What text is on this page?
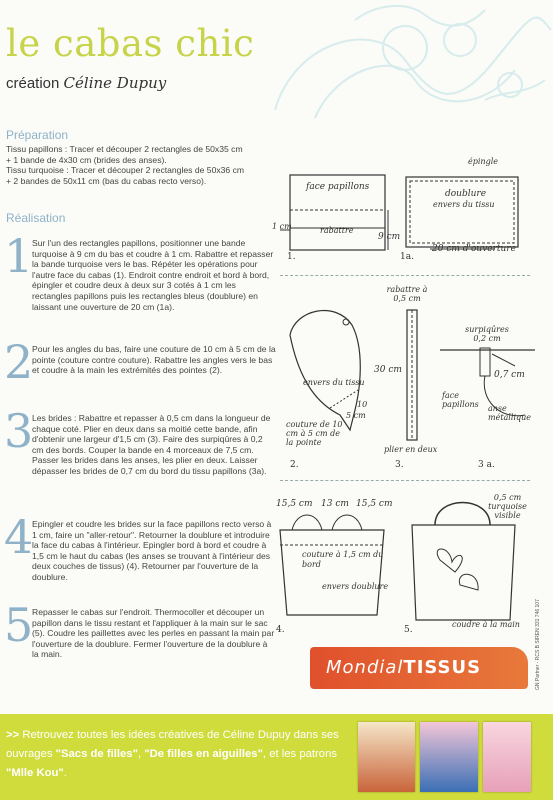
le cabas chic
création Céline Dupuy
Préparation
Tissu papillons : Tracer et découper 2 rectangles de 50x35 cm
+ 1 bande de 4x30 cm (brides des anses).
Tissu turquoise : Tracer et découper 2 rectangles de 50x36 cm
+ 2 bandes de 50x11 cm (bas du cabas recto verso).
Réalisation
1

Sur l'un des rectangles papillons, positionner une bande turquoise à 9 cm du bas et coudre à 1 cm. Rabattre et repasser la bande turquoise vers le bas. Répéter les opérations pour l'autre face du cabas (1). Endroit contre endroit et bord à bord, épingler et coudre deux à deux sur 3 cotés à 1 cm les rectangles papillons puis les rectangles bleus (doublure) en laissant une ouverture de 20 cm (1a).

2

Pour les angles du bas, faire une couture de 10 cm à 5 cm de la pointe (couture contre couture). Rabattre les angles vers le bas et coudre à la main les extrémités des pointes (2).

3

Les brides : Rabattre et repasser à 0,5 cm dans la longueur de chaque coté. Plier en deux dans sa moitié cette bande, afin d'obtenir une largeur d'1,5 cm (3). Faire des surpiqûres à 0,2 cm des bords. Couper la bande en 4 morceaux de 7,5 cm. Passer les brides dans les anses, les plier en deux. Laisser dépasser les brides de 0,7 cm du bord du tissu papillons (3a).

4

Epingler et coudre les brides sur la face papillons recto verso à 1 cm, faire un "aller-retour". Retourner la doublure et introduire la face du cabas à l'intérieur. Epingler bord à bord et coudre à 1,5 cm le haut du cabas (les anses se trouvant à l'intérieur des deux couches de tissus) (4). Retourner par l'ouverture de la doublure.

5

Repasser le cabas sur l'endroit. Thermocoller et découper un papillon dans le tissu restant et l'appliquer à la main sur le sac (5). Coudre les paillettes avec les perles en passant la main par l'ouverture de la doublure. Fermer l'ouverture de la doublure à la main.

face papillons
rabattre
1 cm
9 cm
1.
épingle
doublure
envers du tissu
20 cm d'ouverture
1a.
envers du tissu
couture de 10 cm à 5 cm de la pointe
10
5 cm
2.
rabattre à 0,5 cm
30 cm
plier en deux
3.
surpiqûres 0,2 cm
0,7 cm
face papillons	anse métallique
3 a.
15,5 cm 13 cm 15,5 cm
couture à 1,5 cm du bord
envers doublure
4.
0,5 cm turquoise visible
coudre à la main
5.
MondialTISSUS	GN Partner - RCS B SIREN 331 746 107
>> Retrouvez toutes les idées créatives de Céline Dupuy dans ses ouvrages "Sacs de filles", "De filles en aiguilles", et les patrons "Mlle Kou".
